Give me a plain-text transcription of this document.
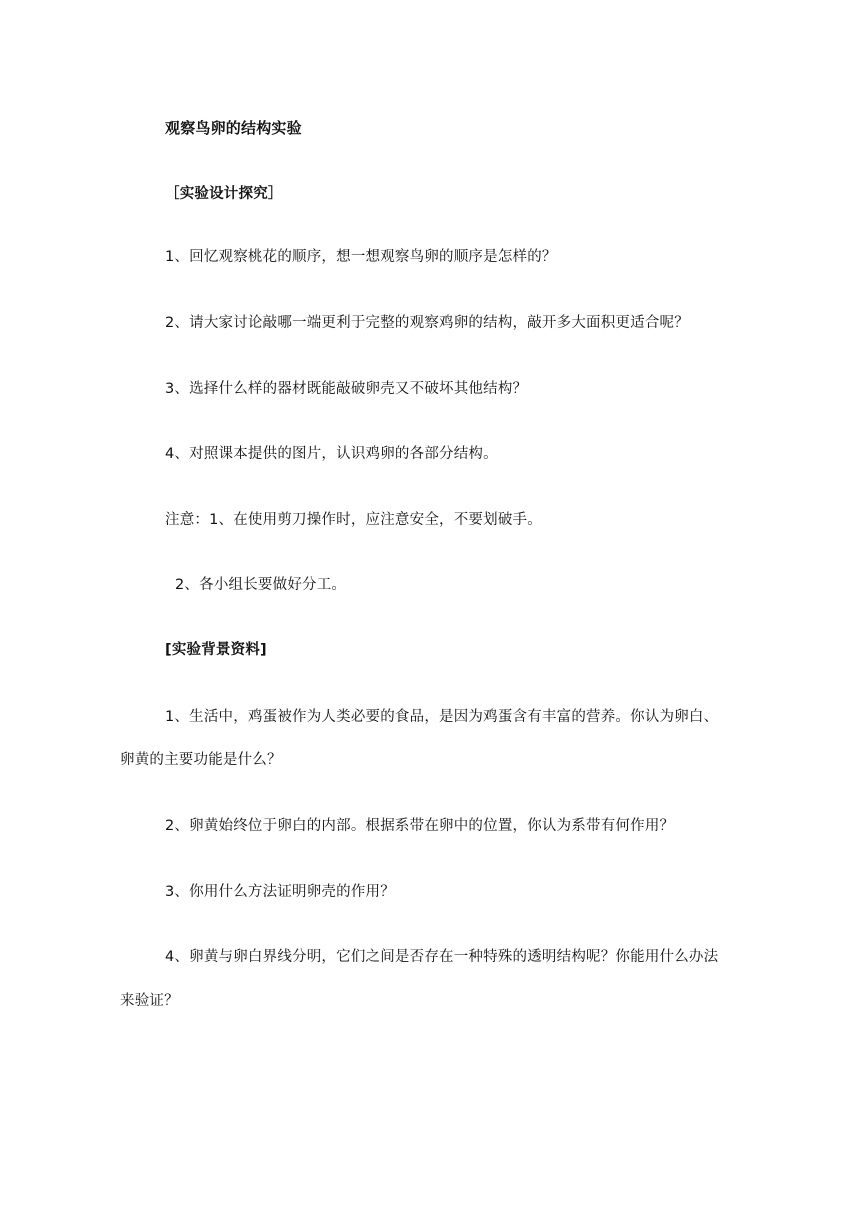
观察鸟卵的结构实验
［实验设计探究］
1、回忆观察桃花的顺序，想一想观察鸟卵的顺序是怎样的？
2、请大家讨论敲哪一端更利于完整的观察鸡卵的结构，敲开多大面积更适合呢？
3、选择什么样的器材既能敲破卵壳又不破坏其他结构？
4、对照课本提供的图片，认识鸡卵的各部分结构。
注意：1、在使用剪刀操作时，应注意安全，不要划破手。
2、各小组长要做好分工。
[实验背景资料]
1、生活中，鸡蛋被作为人类必要的食品，是因为鸡蛋含有丰富的营养。你认为卵白、
卵黄的主要功能是什么？
2、卵黄始终位于卵白的内部。根据系带在卵中的位置，你认为系带有何作用？
3、你用什么方法证明卵壳的作用？
4、卵黄与卵白界线分明，它们之间是否存在一种特殊的透明结构呢？你能用什么办法
来验证？
